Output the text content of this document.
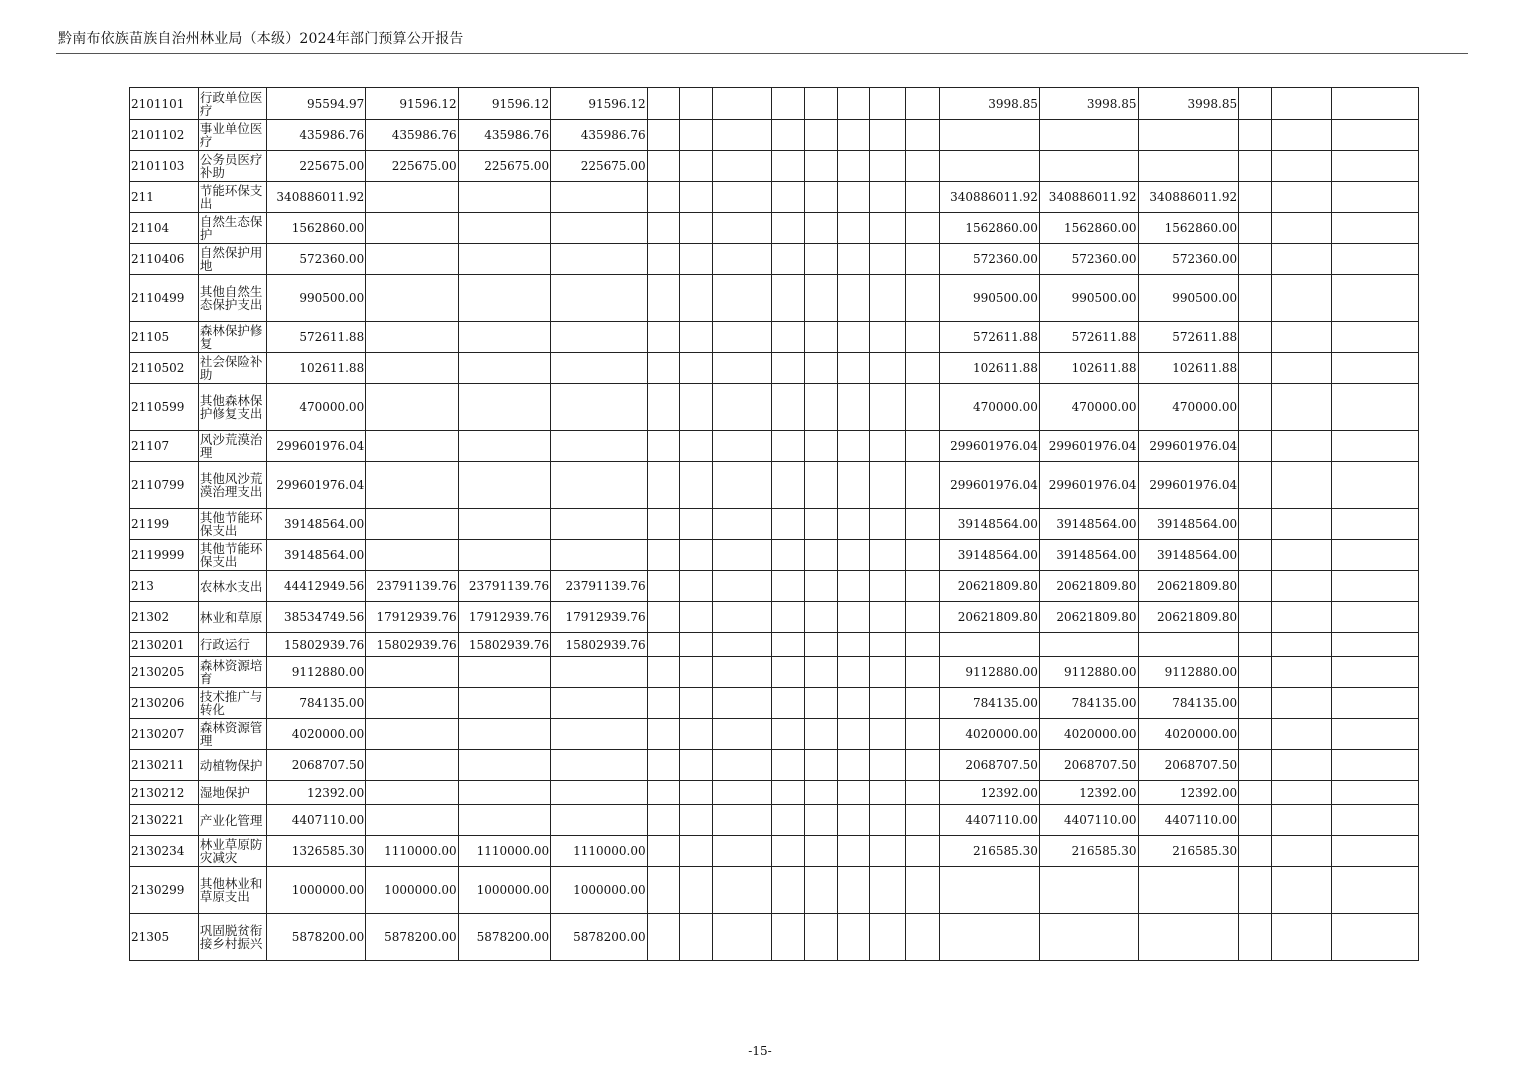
黔南布依族苗族自治州林业局（本级）2024年部门预算公开报告
2101101	行政单位医疗	95594.97	91596.12	91596.12	91596.12									3998.85	3998.85	3998.85			
2101102	事业单位医疗	435986.76	435986.76	435986.76	435986.76														
2101103	公务员医疗补助	225675.00	225675.00	225675.00	225675.00														
211	节能环保支出	340886011.92												340886011.92	340886011.92	340886011.92			
21104	自然生态保护	1562860.00												1562860.00	1562860.00	1562860.00			
2110406	自然保护用地	572360.00												572360.00	572360.00	572360.00			
2110499	其他自然生态保护支出	990500.00												990500.00	990500.00	990500.00			
21105	森林保护修复	572611.88												572611.88	572611.88	572611.88			
2110502	社会保险补助	102611.88												102611.88	102611.88	102611.88			
2110599	其他森林保护修复支出	470000.00												470000.00	470000.00	470000.00			
21107	风沙荒漠治理	299601976.04												299601976.04	299601976.04	299601976.04			
2110799	其他风沙荒漠治理支出	299601976.04												299601976.04	299601976.04	299601976.04			
21199	其他节能环保支出	39148564.00												39148564.00	39148564.00	39148564.00			
2119999	其他节能环保支出	39148564.00												39148564.00	39148564.00	39148564.00			
213	农林水支出	44412949.56	23791139.76	23791139.76	23791139.76									20621809.80	20621809.80	20621809.80			
21302	林业和草原	38534749.56	17912939.76	17912939.76	17912939.76									20621809.80	20621809.80	20621809.80			
2130201	行政运行	15802939.76	15802939.76	15802939.76	15802939.76														
2130205	森林资源培育	9112880.00												9112880.00	9112880.00	9112880.00			
2130206	技术推广与转化	784135.00												784135.00	784135.00	784135.00			
2130207	森林资源管理	4020000.00												4020000.00	4020000.00	4020000.00			
2130211	动植物保护	2068707.50												2068707.50	2068707.50	2068707.50			
2130212	湿地保护	12392.00												12392.00	12392.00	12392.00			
2130221	产业化管理	4407110.00												4407110.00	4407110.00	4407110.00			
2130234	林业草原防灾减灾	1326585.30	1110000.00	1110000.00	1110000.00									216585.30	216585.30	216585.30			
2130299	其他林业和草原支出	1000000.00	1000000.00	1000000.00	1000000.00														
21305	巩固脱贫衔接乡村振兴	5878200.00	5878200.00	5878200.00	5878200.00														
-15-
